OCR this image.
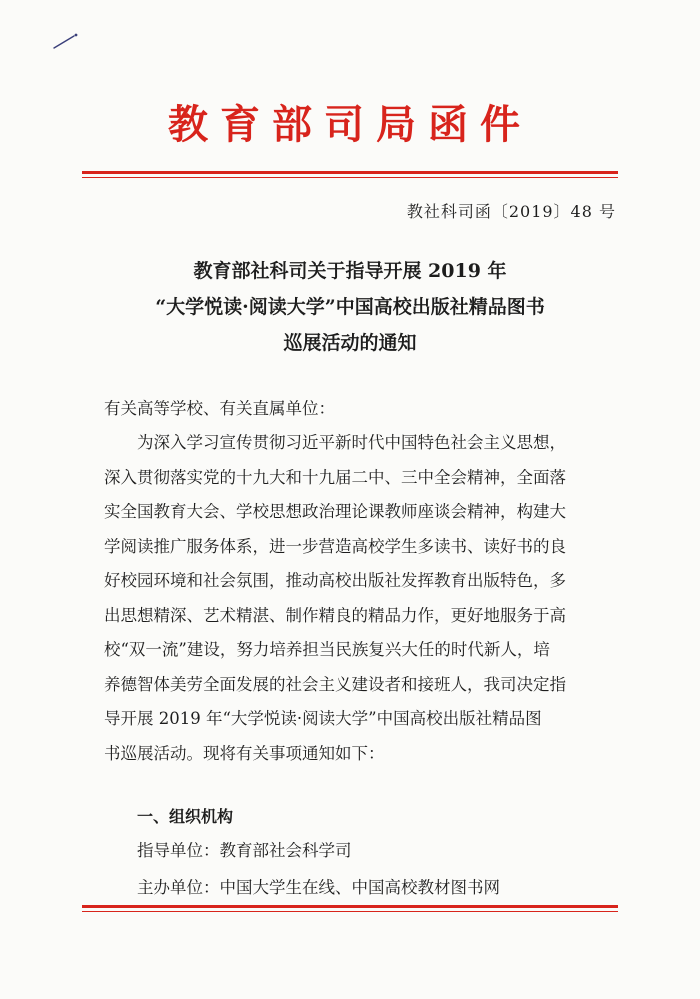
教育部司局函件
教社科司函〔2019〕48 号
教育部社科司关于指导开展 2019 年
“大学悦读·阅读大学”中国高校出版社精品图书
巡展活动的通知
有关高等学校、有关直属单位：
为深入学习宣传贯彻习近平新时代中国特色社会主义思想，
深入贯彻落实党的十九大和十九届二中、三中全会精神，全面落
实全国教育大会、学校思想政治理论课教师座谈会精神，构建大
学阅读推广服务体系，进一步营造高校学生多读书、读好书的良
好校园环境和社会氛围，推动高校出版社发挥教育出版特色，多
出思想精深、艺术精湛、制作精良的精品力作，更好地服务于高
校“双一流”建设，努力培养担当民族复兴大任的时代新人，培
养德智体美劳全面发展的社会主义建设者和接班人，我司决定指
导开展 2019 年“大学悦读·阅读大学”中国高校出版社精品图
书巡展活动。现将有关事项通知如下：
一、组织机构
指导单位：教育部社会科学司
主办单位：中国大学生在线、中国高校教材图书网
